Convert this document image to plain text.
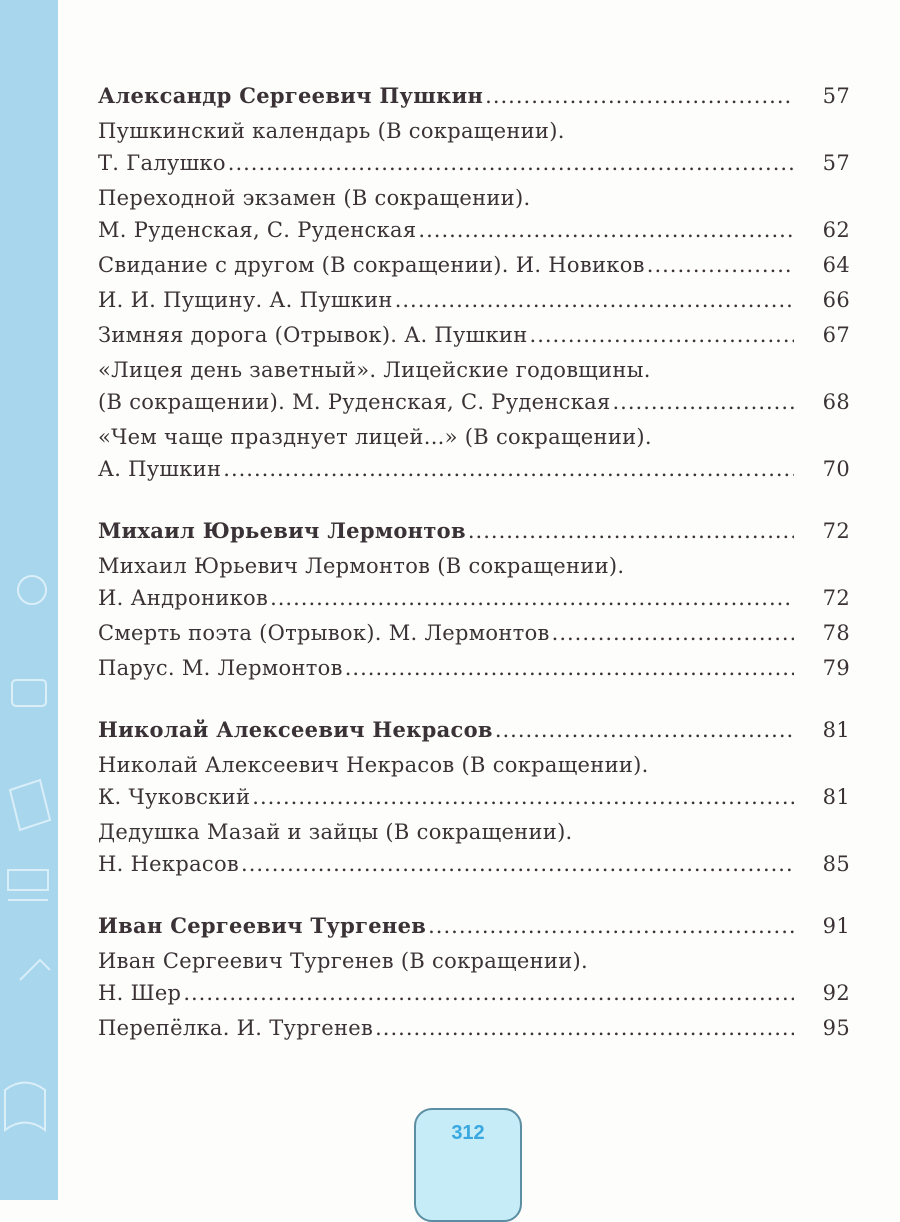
Александр Сергеевич Пушкин .....	57
Пушкинский календарь (В сокращении).
Т. Галушко .....	57
Переходной экзамен (В сокращении).
М. Руденская, С. Руденская .....	62
Свидание с другом (В сокращении). И. Новиков .....	64
И. И. Пущину. А. Пушкин .....	66
Зимняя дорога (Отрывок). А. Пушкин .....	67
«Лицея день заветный». Лицейские годовщины.
(В сокращении). М. Руденская, С. Руденская .....	68
«Чем чаще празднует лицей...» (В сокращении).
А. Пушкин .....	70
Михаил Юрьевич Лермонтов .....	72
Михаил Юрьевич Лермонтов (В сокращении).
И. Андроников .....	72
Смерть поэта (Отрывок). М. Лермонтов .....	78
Парус. М. Лермонтов .....	79
Николай Алексеевич Некрасов .....	81
Николай Алексеевич Некрасов (В сокращении).
К. Чуковский .....	81
Дедушка Мазай и зайцы (В сокращении).
Н. Некрасов .....	85
Иван Сергеевич Тургенев .....	91
Иван Сергеевич Тургенев (В сокращении).
Н. Шер .....	92
Перепёлка. И. Тургенев .....	95
312
